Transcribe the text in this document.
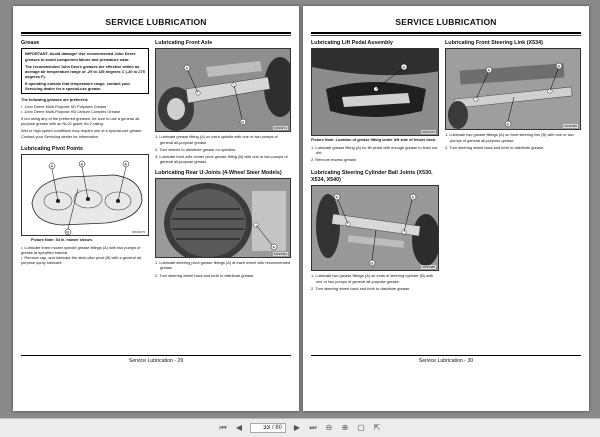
SERVICE LUBRICATION
Grease

IMPORTANT: Avoid damage! Use recommended John Deere greases to avoid component failure and premature wear.

The recommended John Deere greases are effective within an average air temperature range of -29 to 135 degrees C (-20 to 275 degrees F).

If operating outside that temperature range, contact your Servicing dealer for a special-use grease.

The following greases are preferred:

• John Deere Multi-Purpose SD Polyurea Grease
• John Deere Multi-Purpose HD Lithium Complex Grease

If not using any of the preferred greases, be sure to use a general all-purpose grease with an NLGI grade No.2 rating.

Wet or high speed conditions may require use of a special-use grease. Contact your Servicing dealer for information.

Lubricating Pivot Points
A	A	A
B	MX36275
Picture Note: 54 in. mower shown.
• Lubricate three mower spindle grease fittings (A) with two pumps of grease at specified interval.
• Remove cap, and lubricate the deck idler pivot (B) with a general all-purpose spray lubricant.
Lubricating Front Axle
A
B
MX36271
1. Lubricate grease fitting (A) on each spindle with one or two pumps of general all-purpose grease.
2. Turn wheels to distribute grease on spindles.
3. Lubricate front axle center pivot grease fitting (B) with one or two pumps of general all-purpose grease.
Lubricating Rear U-Joints (4-Wheel Steer Models)
A
MX36384
1. Lubricate steering pivot grease fittings (A) at each wheel with recommended grease.
2. Turn steering wheel back and forth to distribute grease.
Service Lubrication - 29
SERVICE LUBRICATION
Lubricating Lift Pedal Assembly
A
MX36370
Picture Note: Location of grease fitting under left side of fender deck.
1. Lubricate grease fitting (A) for lift pedal with enough grease to flush out dirt.
2. Remove excess grease.
Lubricating Steering Cylinder Ball Joints (X530, X534, X540)
A	A
B
MX36385
1. Lubricate two grease fittings (A) on ends of steering cylinder (B) with one or two pumps of general all-purpose grease.
2. Turn steering wheel back and forth to distribute grease.
Lubricating Front Steering Link (X534)
A
A
B	MX36380
1. Lubricate two grease fittings (A) on front steering link (B) with one or two pumps of general all-purpose grease.
2. Turn steering wheel back and forth to distribute grease.
Service Lubrication - 30
⏮ ◀
33	/ 80 ▶ ⏭ ⊖ ⊕ ▢ ⇱
